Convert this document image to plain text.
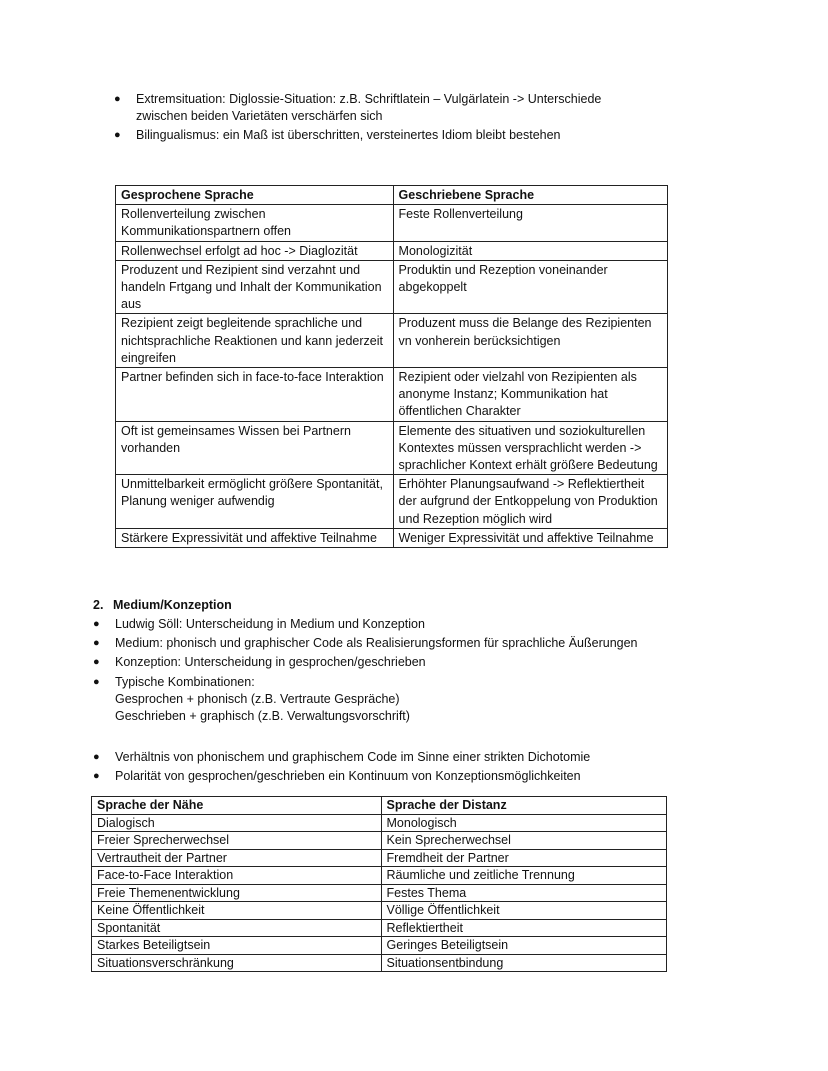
● Extremsituation: Diglossie-Situation: z.B. Schriftlatein – Vulgärlatein -> Unterschiede zwischen beiden Varietäten verschärfen sich
● Bilingualismus: ein Maß ist überschritten, versteinertes Idiom bleibt bestehen
Gesprochene Sprache	Geschriebene Sprache
Rollenverteilung zwischen Kommunikationspartnern offen	Feste Rollenverteilung
Rollenwechsel erfolgt ad hoc -> Diaglozität	Monologizität
Produzent und Rezipient sind verzahnt und handeln Frtgang und Inhalt der Kommunikation aus	Produktin und Rezeption voneinander abgekoppelt
Rezipient zeigt begleitende sprachliche und nichtsprachliche Reaktionen und kann jederzeit eingreifen	Produzent muss die Belange des Rezipienten vn vonherein berücksichtigen
Partner befinden sich in face-to-face Interaktion	Rezipient oder vielzahl von Rezipienten als anonyme Instanz; Kommunikation hat öffentlichen Charakter
Oft ist gemeinsames Wissen bei Partnern vorhanden	Elemente des situativen und soziokulturellen Kontextes müssen versprachlicht werden -> sprachlicher Kontext erhält größere Bedeutung
Unmittelbarkeit ermöglicht größere Spontanität, Planung weniger aufwendig	Erhöhter Planungsaufwand -> Reflektiertheit der aufgrund der Entkoppelung von Produktion und Rezeption möglich wird
Stärkere Expressivität und affektive Teilnahme	Weniger Expressivität und affektive Teilnahme
2. Medium/Konzeption
● Ludwig Söll: Unterscheidung in Medium und Konzeption
● Medium: phonisch und graphischer Code als Realisierungsformen für sprachliche Äußerungen
● Konzeption: Unterscheidung in gesprochen/geschrieben
● Typische Kombinationen:
Gesprochen + phonisch (z.B. Vertraute Gespräche)
Geschrieben + graphisch (z.B. Verwaltungsvorschrift)
● Verhältnis von phonischem und graphischem Code im Sinne einer strikten Dichotomie
● Polarität von gesprochen/geschrieben ein Kontinuum von Konzeptionsmöglichkeiten
Sprache der Nähe	Sprache der Distanz
Dialogisch	Monologisch
Freier Sprecherwechsel	Kein Sprecherwechsel
Vertrautheit der Partner	Fremdheit der Partner
Face-to-Face Interaktion	Räumliche und zeitliche Trennung
Freie Themenentwicklung	Festes Thema
Keine Öffentlichkeit	Völlige Öffentlichkeit
Spontanität	Reflektiertheit
Starkes Beteiligtsein	Geringes Beteiligtsein
Situationsverschränkung	Situationsentbindung
